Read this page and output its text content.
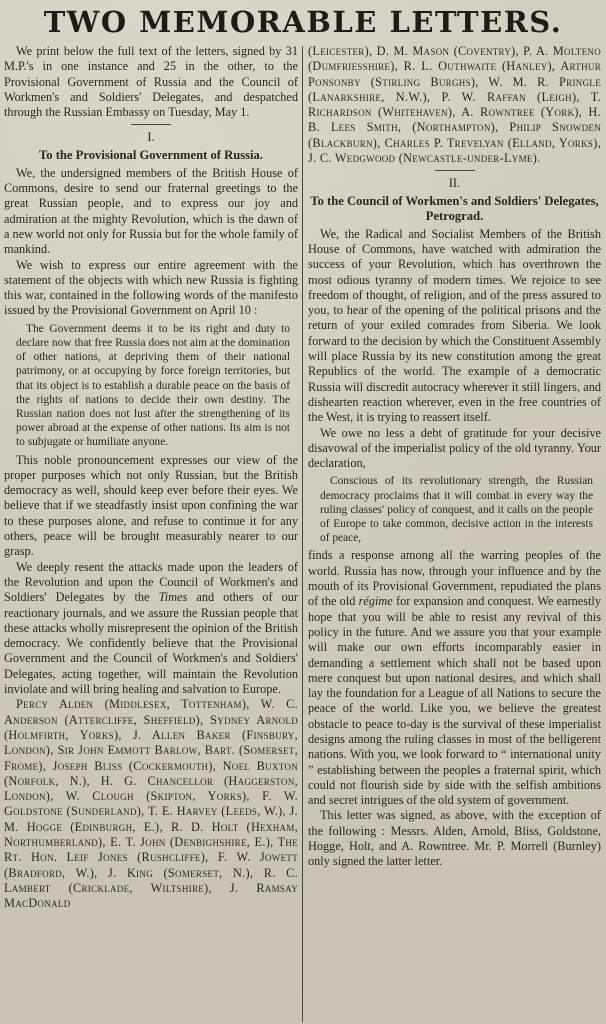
TWO MEMORABLE LETTERS.

We print below the full text of the letters, signed by 31 M.P.'s in one instance and 25 in the other, to the Provisional Government of Russia and the Council of Workmen's and Soldiers' Delegates, and despatched through the Russian Embassy on Tuesday, May 1.

I.
To the Provisional Government of Russia.

We, the undersigned members of the British House of Commons, desire to send our fraternal greetings to the great Russian people, and to express our joy and admiration at the mighty Revolution, which is the dawn of a new world not only for Russia but for the whole family of mankind.

We wish to express our entire agreement with the statement of the objects with which new Russia is fighting this war, contained in the following words of the manifesto issued by the Provisional Government on April 10 :

The Government deems it to be its right and duty to declare now that free Russia does not aim at the domination of other nations, at depriving them of their national patrimony, or at occupying by force foreign territories, but that its object is to establish a durable peace on the basis of the rights of nations to decide their own destiny. The Russian nation does not lust after the strengthening of its power abroad at the expense of other nations. Its aim is not to subjugate or humiliate anyone.

This noble pronouncement expresses our view of the proper purposes which not only Russian, but the British democracy as well, should keep ever before their eyes. We believe that if we steadfastly insist upon confining the war to these purposes alone, and refuse to continue it for any others, peace will be brought measurably nearer to our grasp.

We deeply resent the attacks made upon the leaders of the Revolution and upon the Council of Workmen's and Soldiers' Delegates by the Times and others of our reactionary journals, and we assure the Russian people that these attacks wholly misrepresent the opinion of the British democracy. We confidently believe that the Provisional Government and the Council of Workmen's and Soldiers' Delegates, acting together, will maintain the Revolution inviolate and will bring healing and salvation to Europe.

Percy Alden (Middlesex, Tottenham), W. C. Anderson (Attercliffe, Sheffield), Sydney Arnold (Holmfirth, Yorks), J. Allen Baker (Finsbury, London), Sir John Emmott Barlow, Bart. (Somerset, Frome), Joseph Bliss (Cockermouth), Noel Buxton (Norfolk, N.), H. G. Chancellor (Haggerston, London), W. Clough (Skipton, Yorks), F. W. Goldstone (Sunderland), T. E. Harvey (Leeds, W.), J. M. Hogge (Edinburgh, E.), R. D. Holt (Hexham, Northumberland), E. T. John (Denbighshire, E.), The Rt. Hon. Leif Jones (Rushcliffe), F. W. Jowett (Bradford, W.), J. King (Somerset, N.), R. C. Lambert (Cricklade, Wiltshire), J. Ramsay MacDonald

(Leicester), D. M. Mason (Coventry), P. A. Molteno (Dumfriesshire), R. L. Outhwaite (Hanley), Arthur Ponsonby (Stirling Burghs), W. M. R. Pringle (Lanarkshire, N.W.), P. W. Raffan (Leigh), T. Richardson (Whitehaven), A. Rowntree (York), H. B. Lees Smith, (Northampton), Philip Snowden (Blackburn), Charles P. Trevelyan (Elland, Yorks), J. C. Wedgwood (Newcastle-under-Lyme).

II.
To the Council of Workmen's and Soldiers' Delegates, Petrograd.

We, the Radical and Socialist Members of the British House of Commons, have watched with admiration the success of your Revolution, which has overthrown the most odious tyranny of modern times. We rejoice to see freedom of thought, of religion, and of the press assured to you, to hear of the opening of the political prisons and the return of your exiled comrades from Siberia. We look forward to the decision by which the Constituent Assembly will place Russia by its new constitution among the great Republics of the world. The example of a democratic Russia will discredit autocracy wherever it still lingers, and dishearten reaction wherever, even in the free countries of the West, it is trying to reassert itself.

We owe no less a debt of gratitude for your decisive disavowal of the imperialist policy of the old tyranny. Your declaration,

Conscious of its revolutionary strength, the Russian democracy proclaims that it will combat in every way the ruling classes' policy of conquest, and it calls on the people of Europe to take common, decisive action in the interests of peace,

finds a response among all the warring peoples of the world. Russia has now, through your influence and by the mouth of its Provisional Government, repudiated the plans of the old régime for expansion and conquest. We earnestly hope that you will be able to resist any revival of this policy in the future. And we assure you that your example will make our own efforts incomparably easier in demanding a settlement which shall not be based upon mere conquest but upon national desires, and which shall lay the foundation for a League of all Nations to secure the peace of the world. Like you, we believe the greatest obstacle to peace to-day is the survival of these imperialist designs among the ruling classes in most of the belligerent nations. With you, we look forward to “ international unity ” establishing between the peoples a fraternal spirit, which could not flourish side by side with the selfish ambitions and secret intrigues of the old system of government.

This letter was signed, as above, with the exception of the following : Messrs. Alden, Arnold, Bliss, Goldstone, Hogge, Holt, and A. Rowntree. Mr. P. Morrell (Burnley) only signed the latter letter.
